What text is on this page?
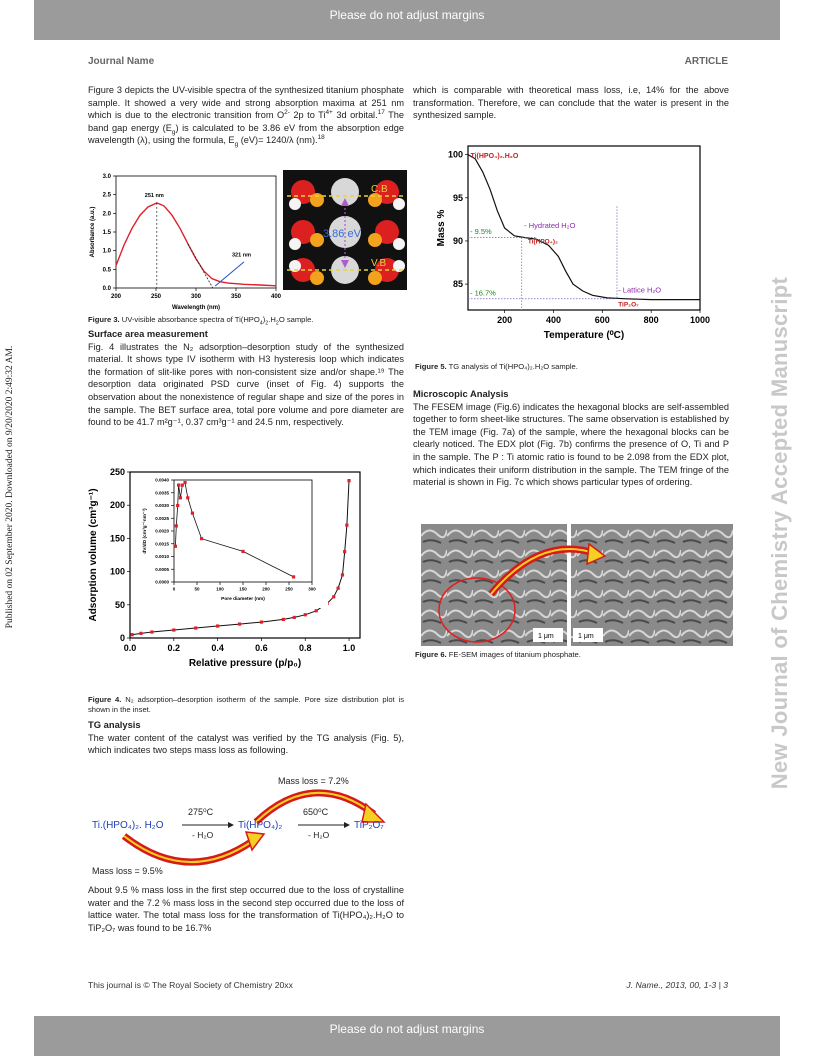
Please do not adjust margins
Please do not adjust margins
Journal Name	ARTICLE
Published on 02 September 2020. Downloaded on 9/20/2020 2:49:32 AM.	New Journal of Chemistry Accepted Manuscript

Figure 3 depicts the UV-visible spectra of the synthesized titanium phosphate sample. It showed a very wide and strong absorption maxima at 251 nm which is due to the electronic transition from $O^{2-}$ 2p to $Ti^{4+}$ 3d orbital.$^{17}$ The band gap energy $(E_g)$ is calculated to be 3.86 eV from the absorption edge wavelength (λ), using the formula, $E_g$ (eV)= 1240/λ (nm).$^{18}$

200	250	300	350	400
0.0
0.5
1.0
1.5
2.0
2.5
3.0
Wavelength (nm)
Absorbance (a.u.)
251 nm
321 nm
C.B
V.B
3.86 eV
Figure 3. UV-visible absorbance spectra of $Ti(HPO_4)_2.H_2O$ sample.

Surface area measurement

Fig. 4 illustrates the N₂ adsorption–desorption study of the synthesized material. It shows type IV isotherm with H3 hysteresis loop which indicates the formation of slit-like pores with non-consistent size and/or shape.¹⁹ The desorption data originated PSD curve (inset of Fig. 4) supports the observation about the nonexistence of regular shape and size of the pores in the sample. The BET surface area, total pore volume and pore diameter are found to be 41.7 m²g⁻¹, 0.37 cm³g⁻¹ and 24.5 nm, respectively.

0.0	0.2	0.4	0.6	0.8	1.0
0
50
100
150
200
250
Relative pressure (p/p₀)
Adsorption volume (cm³g⁻¹)	0	50	100	150	200	250	300
0.0000
0.0005
0.0010
0.0015
0.0020
0.0025
0.0030
0.0035
0.0040
Pore diameter (nm)
dV/dD (cm³g⁻¹nm⁻¹)
Figure 4. N₂ adsorption–desorption isotherm of the sample. Pore size distribution plot is shown in the inset.

TG analysis

The water content of the catalyst was verified by the TG analysis (Fig. 5), which indicates two steps mass loss as following.

Mass loss = 7.2%
275⁰C
- H₂O
650⁰C
- H₂O
Ti.(HPO₄)₂. H₂O	Ti(HPO₄)₂	TiP₂O₇
Mass loss = 9.5%
About 9.5 % mass loss in the first step occurred due to the loss of crystalline water and the 7.2 % mass loss in the second step occurred due to the loss of lattice water. The total mass loss for the transformation of Ti(HPO₄)₂.H₂O to TiP₂O₇ was found to be 16.7%
which is comparable with theoretical mass loss, i.e, 14% for the above transformation. Therefore, we can conclude that the water is present in the synthesized sample.
200	400	600	800	1000
85
90
95
100
Temperature (⁰C)
Mass %
Ti(HPO₄)₂.H₂O
Ti(HPO₄)₂
TiP₂O₇
- Hydrated H₂O
- Lattice H₂O
- 9.5%
- 16.7%
Figure 5. TG analysis of Ti(HPO₄)₂.H₂O sample.

Microscopic Analysis

The FESEM image (Fig.6) indicates the hexagonal blocks are self-assembled together to form sheet-like structures. The same observation is established by the TEM image (Fig. 7a) of the sample, where the hexagonal blocks can be clearly noticed. The EDX plot (Fig. 7b) confirms the presence of O, Ti and P in the sample. The P : Ti atomic ratio is found to be 2.098 from the EDX plot, which indicates their uniform distribution in the sample. The TEM fringe of the material is shown in Fig. 7c which shows particular types of ordering.

1 μm	1 μm
Figure 6. FE-SEM images of titanium phosphate.
This journal is © The Royal Society of Chemistry 20xx	J. Name., 2013, 00, 1-3 | 3
